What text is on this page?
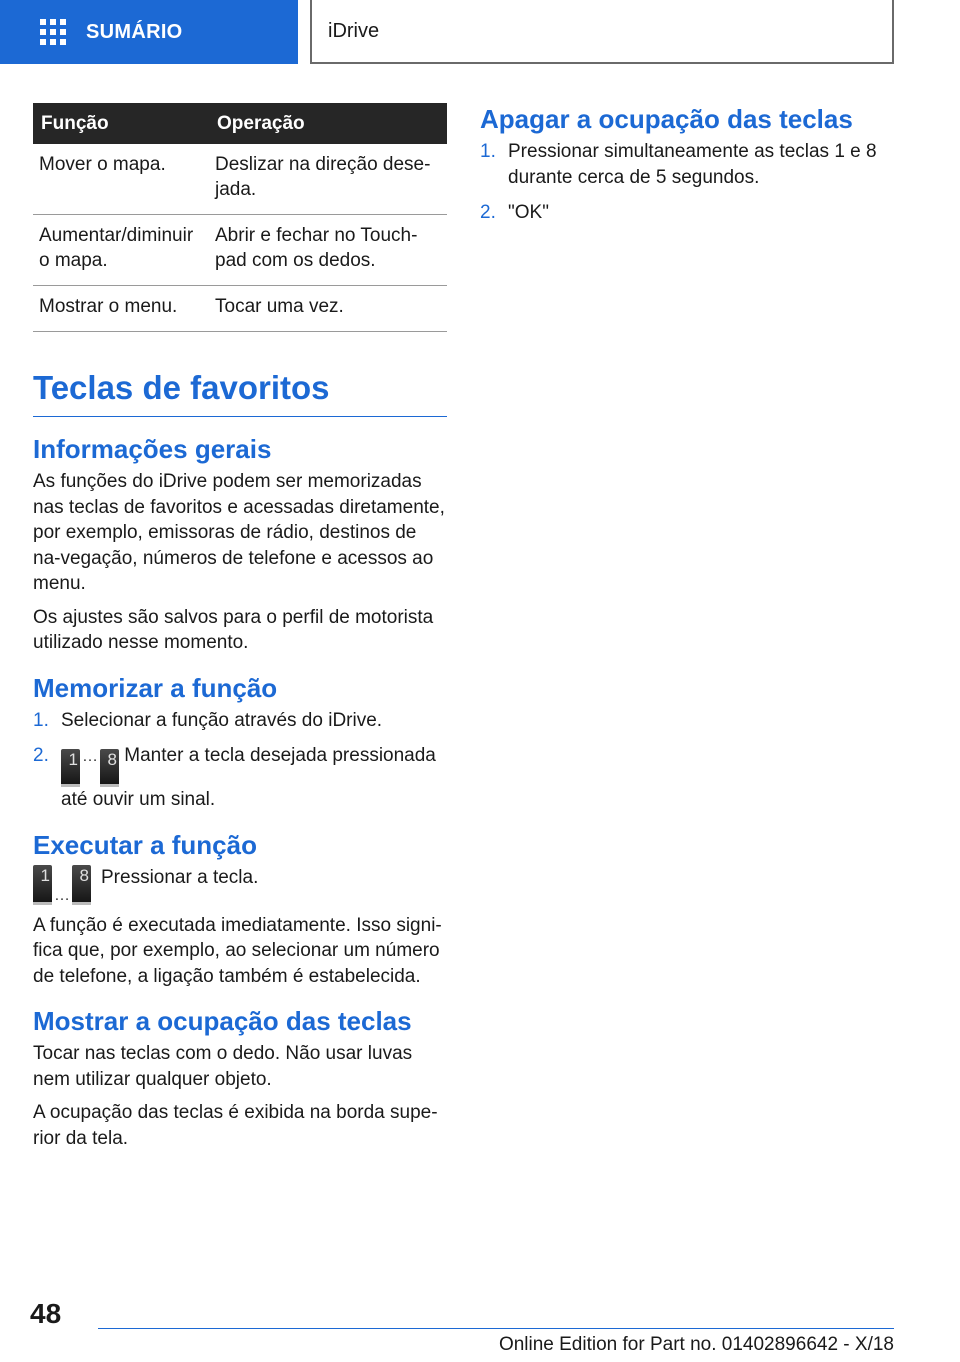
SUMÁRIO	iDrive
Função	Operação
Mover o mapa.	Deslizar na direção dese-jada.
Aumentar/diminuir o mapa.	Abrir e fechar no Touch-pad com os dedos.
Mostrar o menu.	Tocar uma vez.
Teclas de favoritos
Informações gerais

As funções do iDrive podem ser memorizadas nas teclas de favoritos e acessadas diretamente, por exemplo, emissoras de rádio, destinos de na-vegação, números de telefone e acessos ao menu.

Os ajustes são salvos para o perfil de motorista utilizado nesse momento.

Memorizar a função
1. Selecionar a função através do iDrive.
2.	1 … 8 Manter a tecla desejada pressionada até ouvir um sinal.
Executar a função
1
…
8 Pressionar a tecla.

A função é executada imediatamente. Isso signi-fica que, por exemplo, ao selecionar um número de telefone, a ligação também é estabelecida.

Mostrar a ocupação das teclas

Tocar nas teclas com o dedo. Não usar luvas nem utilizar qualquer objeto.

A ocupação das teclas é exibida na borda supe-rior da tela.

Apagar a ocupação das teclas
1. Pressionar simultaneamente as teclas 1 e 8 durante cerca de 5 segundos.
2. "OK"
48
Online Edition for Part no. 01402896642 - X/18
